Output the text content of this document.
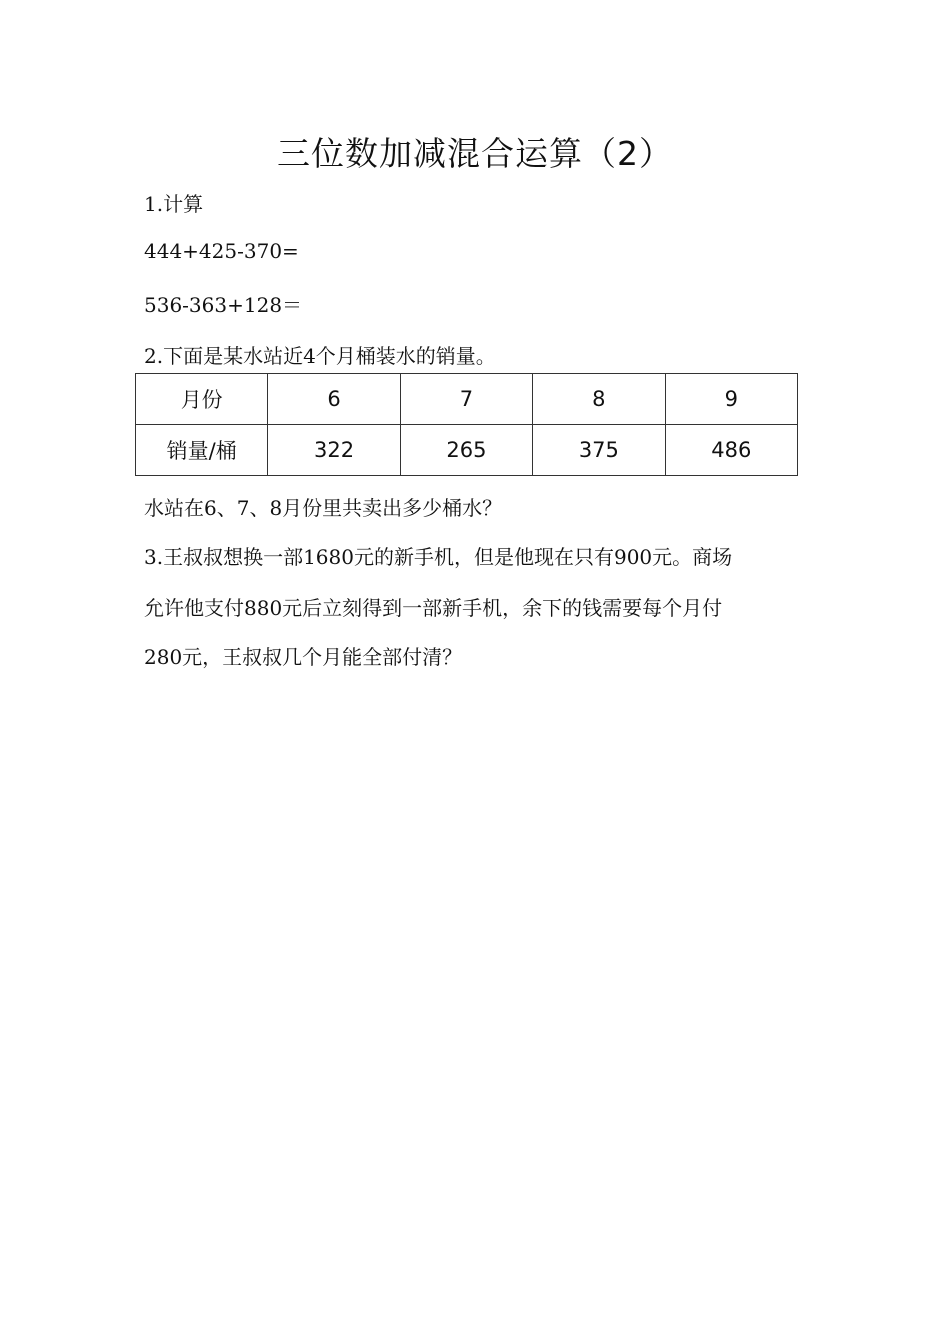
三位数加减混合运算（2）

1.计算

444+425-370=

536-363+128＝

2.下面是某水站近4个月桶装水的销量。

月份	6	7	8	9
销量/桶	322	265	375	486

水站在6、7、8月份里共卖出多少桶水？

3.王叔叔想换一部1680元的新手机，但是他现在只有900元。商场

允许他支付880元后立刻得到一部新手机，余下的钱需要每个月付

280元，王叔叔几个月能全部付清？
